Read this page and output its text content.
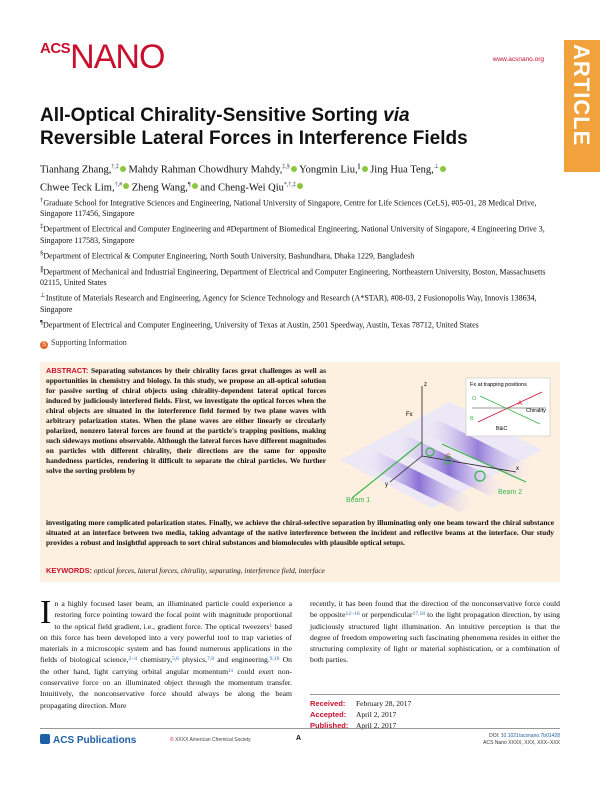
ACSNANO	www.acsnano.org ARTICLE
All-Optical Chirality-Sensitive Sorting via
Reversible Lateral Forces in Interference Fields
Tianhang Zhang,†,‡ Mahdy Rahman Chowdhury Mahdy,‡,§ Yongmin Liu,∥ Jing Hua Teng,⊥
Chwee Teck Lim,†,# Zheng Wang,¶ and Cheng-Wei Qiu*,†,‡

†Graduate School for Integrative Sciences and Engineering, National University of Singapore, Centre for Life Sciences (CeLS), #05-01, 28 Medical Drive, Singapore 117456, Singapore

‡Department of Electrical and Computer Engineering and #Department of Biomedical Engineering, National University of Singapore, 4 Engineering Drive 3, Singapore 117583, Singapore

§Department of Electrical & Computer Engineering, North South University, Bashundhara, Dhaka 1229, Bangladesh

∥Department of Mechanical and Industrial Engineering, Department of Electrical and Computer Engineering, Northeastern University, Boston, Massachusetts 02115, United States

⊥Institute of Materials Research and Engineering, Agency for Science Technology and Research (A*STAR), #08-03, 2 Fusionopolis Way, Innovis 138634, Singapore

¶Department of Electrical and Computer Engineering, University of Texas at Austin, 2501 Speedway, Austin, Texas 78712, United States

S Supporting Information
ABSTRACT: Separating substances by their chirality faces great challenges as well as opportunities in chemistry and biology. In this study, we propose an all-optical solution for passive sorting of chiral objects using chirality-dependent lateral optical forces induced by judiciously interfered fields. First, we investigate the optical forces when the chiral objects are situated in the interference field formed by two plane waves with arbitrary polarization states. When the plane waves are either linearly or circularly polarized, nonzero lateral forces are found at the particle's trapping positions, making such sideways motions observable. Although the lateral forces have different magnitudes on particles with different chirality, their directions are the same for opposite handedness particles, rendering it difficult to separate the chiral particles. We further solve the sorting problem by
investigating more complicated polarization states. Finally, we achieve the chiral-selective separation by illuminating only one beam toward the chiral substance situated at an interface between two media, taking advantage of the native interference between the incident and reflective beams at the interface. Our study provides a robust and insightful approach to sort chiral substances and biomolecules with plausible optical setups.
KEYWORDS: optical forces, lateral forces, chirality, separating, interference field, interface
z
x
y
Fx
C
Fx at trapping positions
A
Chirality
O
B&C
B
Beam 1
Beam 2
In a highly focused laser beam, an illuminated particle could experience a restoring force pointing toward the focal point with magnitude proportional to the optical field gradient, i.e., gradient force. The optical tweezers$^1$ based on this force has been developed into a very powerful tool to trap varieties of materials in a microscopic system and has found numerous applications in the fields of biological science,$^{2-4}$ chemistry,$^{5,6}$ physics,$^{7,8}$ and engineering.$^{9,10}$ On the other hand, light carrying orbital angular momentum$^{11}$ could exert non-conservative force on an illuminated object through the momentum transfer. Intuitively, the nonconservative force should always be along the beam propagating direction. More
recently, it has been found that the direction of the nonconservative force could be opposite$^{12-16}$ or perpendicular$^{17,18}$ to the light propagation direction, by using judiciously structured light illumination. An intuitive perception is that the degree of freedom empowering such fascinating phenomena resides in either the structuring complexity of light or material sophistication, or a combination of both parties.
Received: February 28, 2017
Accepted: April 2, 2017
Published: April 2, 2017
ACS Publications	© XXXX American Chemical Society	A	DOI: 10.1021/acsnano.7b01428
ACS Nano XXXX, XXX, XXX−XXX
